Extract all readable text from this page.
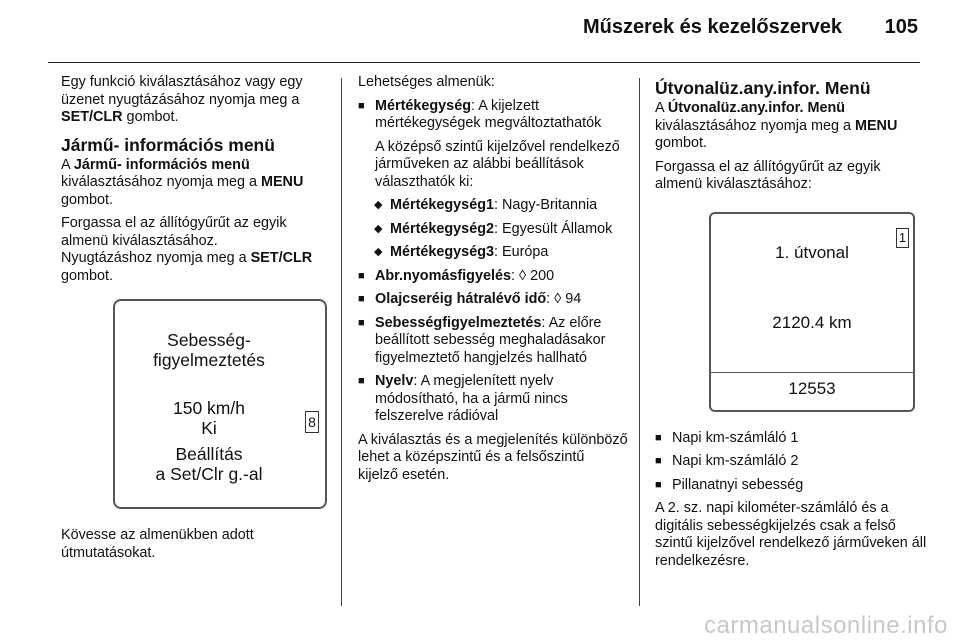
Műszerek és kezelőszervek 105

Egy funkció kiválasztásához vagy egy üzenet nyugtázásához nyomja meg a SET/CLR gombot.

Jármű- információs menü

A Jármű- információs menü kiválasztásához nyomja meg a MENU gombot.

Forgassa el az állítógyűrűt az egyik almenü kiválasztásához.

Nyugtázáshoz nyomja meg a SET/CLR gombot.

Sebesség-
figyelmeztetés
150 km/h
Ki
Beállítás
a Set/Clr g.-al
8

Kövesse az almenükben adott útmutatásokat.

Lehetséges almenük:

■ Mértékegység: A kijelzett mértékegységek megváltoztathatók

A középső szintű kijelzővel rendelkező járműveken az alábbi beállítások választhatók ki:

◆ Mértékegység1: Nagy-Britannia
◆ Mértékegység2: Egyesült Államok
◆ Mértékegység3: Európa
■ Abr.nyomásfigyelés: ◊ 200
■ Olajcseréig hátralévő idő: ◊ 94
■ Sebességfigyelmeztetés: Az előre beállított sebesség meghaladásakor figyelmeztető hangjelzés hallható
■ Nyelv: A megjelenített nyelv módosítható, ha a jármű nincs felszerelve rádióval

A kiválasztás és a megjelenítés különböző lehet a középszintű és a felsőszintű kijelző esetén.

Útvonalüz.any.infor. Menü

A Útvonalüz.any.infor. Menü kiválasztásához nyomja meg a MENU gombot.

Forgassa el az állítógyűrűt az egyik almenü kiválasztásához:

1
1. útvonal
2120.4 km
12553
■ Napi km-számláló 1
■ Napi km-számláló 2
■ Pillanatnyi sebesség

A 2. sz. napi kilométer-számláló és a digitális sebességkijelzés csak a felső szintű kijelzővel rendelkező járműveken áll rendelkezésre.

carmanualsonline.info
